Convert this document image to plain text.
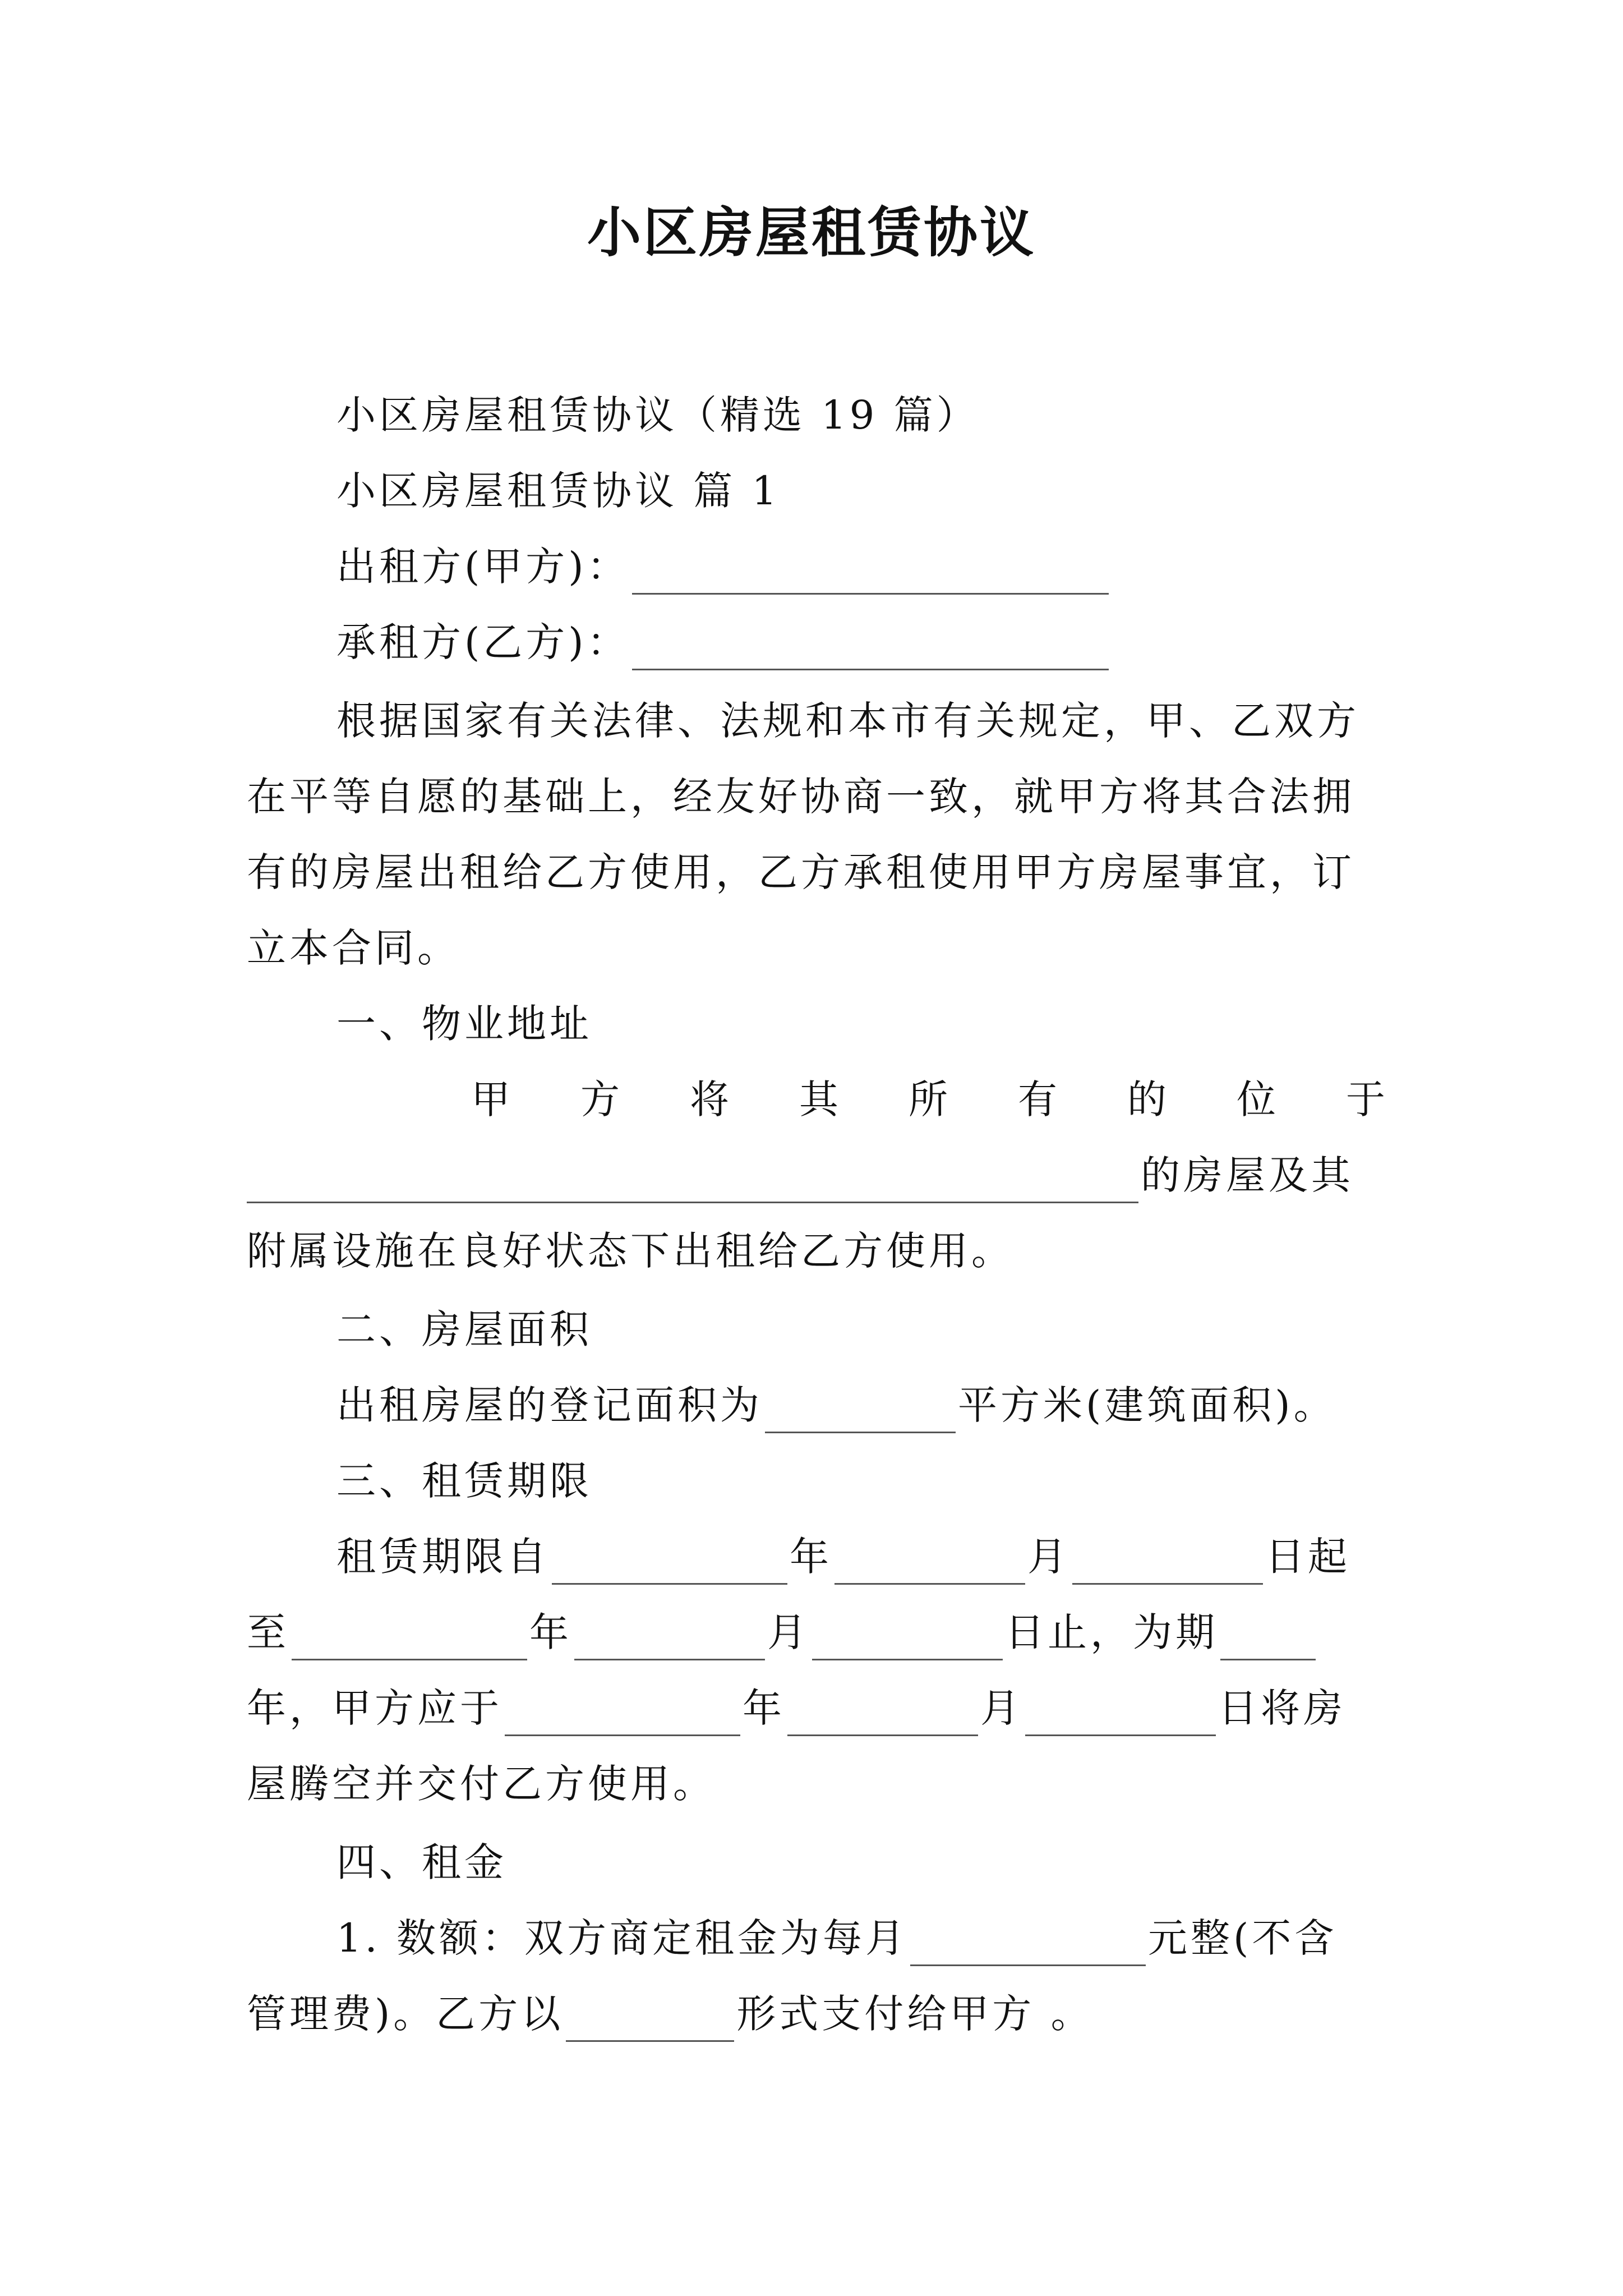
小区房屋租赁协议
小区房屋租赁协议（精选 19 篇）
小区房屋租赁协议 篇 1
出租方(甲方)：
承租方(乙方)：
根据国家有关法律、法规和本市有关规定，甲、乙双方
在平等自愿的基础上，经友好协商一致，就甲方将其合法拥
有的房屋出租给乙方使用，乙方承租使用甲方房屋事宜，订
立本合同。
一、物业地址
甲 方 将 其 所 有 的 位 于
的房屋及其
附属设施在良好状态下出租给乙方使用。
二、房屋面积
出租房屋的登记面积为	平方米(建筑面积)。
三、租赁期限
租赁期限自	年	月	日起
至	年	月	日止，为期
年，甲方应于	年	月	日将房
屋腾空并交付乙方使用。
四、租金
1. 数额：双方商定租金为每月	元整(不含
管理费)。乙方以	形式支付给甲方 。
